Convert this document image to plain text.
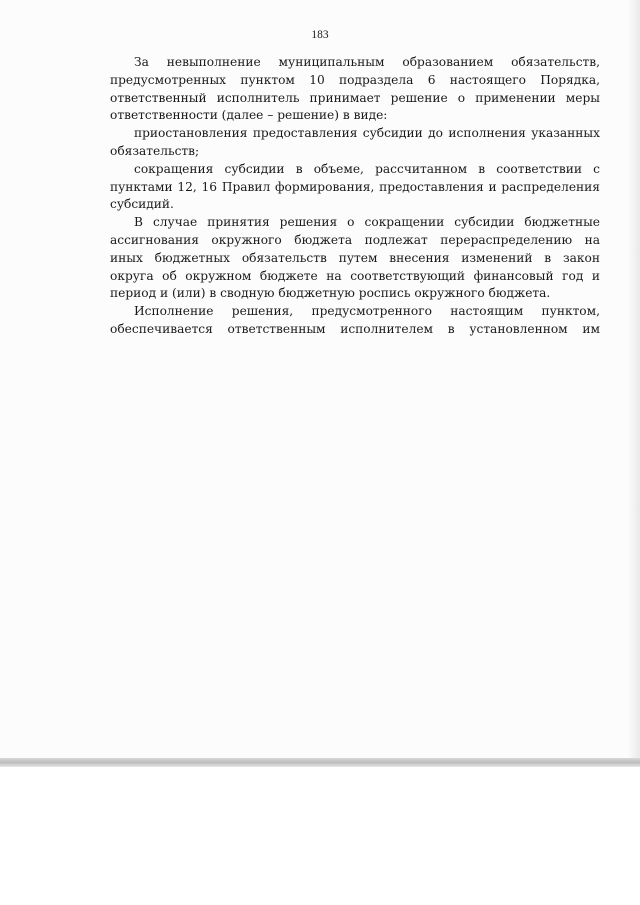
183
За невыполнение муниципальным образованием обязательств,
предусмотренных пунктом 10 подраздела 6 настоящего Порядка,
ответственный исполнитель принимает решение о применении меры
ответственности (далее – решение) в виде:
приостановления предоставления субсидии до исполнения указанных
обязательств;
сокращения субсидии в объеме, рассчитанном в соответствии с
пунктами 12, 16 Правил формирования, предоставления и распределения
субсидий.
В случае принятия решения о сокращении субсидии бюджетные
ассигнования окружного бюджета подлежат перераспределению на
иных бюджетных обязательств путем внесения изменений в закон
округа об окружном бюджете на соответствующий финансовый год и
период и (или) в сводную бюджетную роспись окружного бюджета.
Исполнение решения, предусмотренного настоящим пунктом,
обеспечивается ответственным исполнителем в установленном им
